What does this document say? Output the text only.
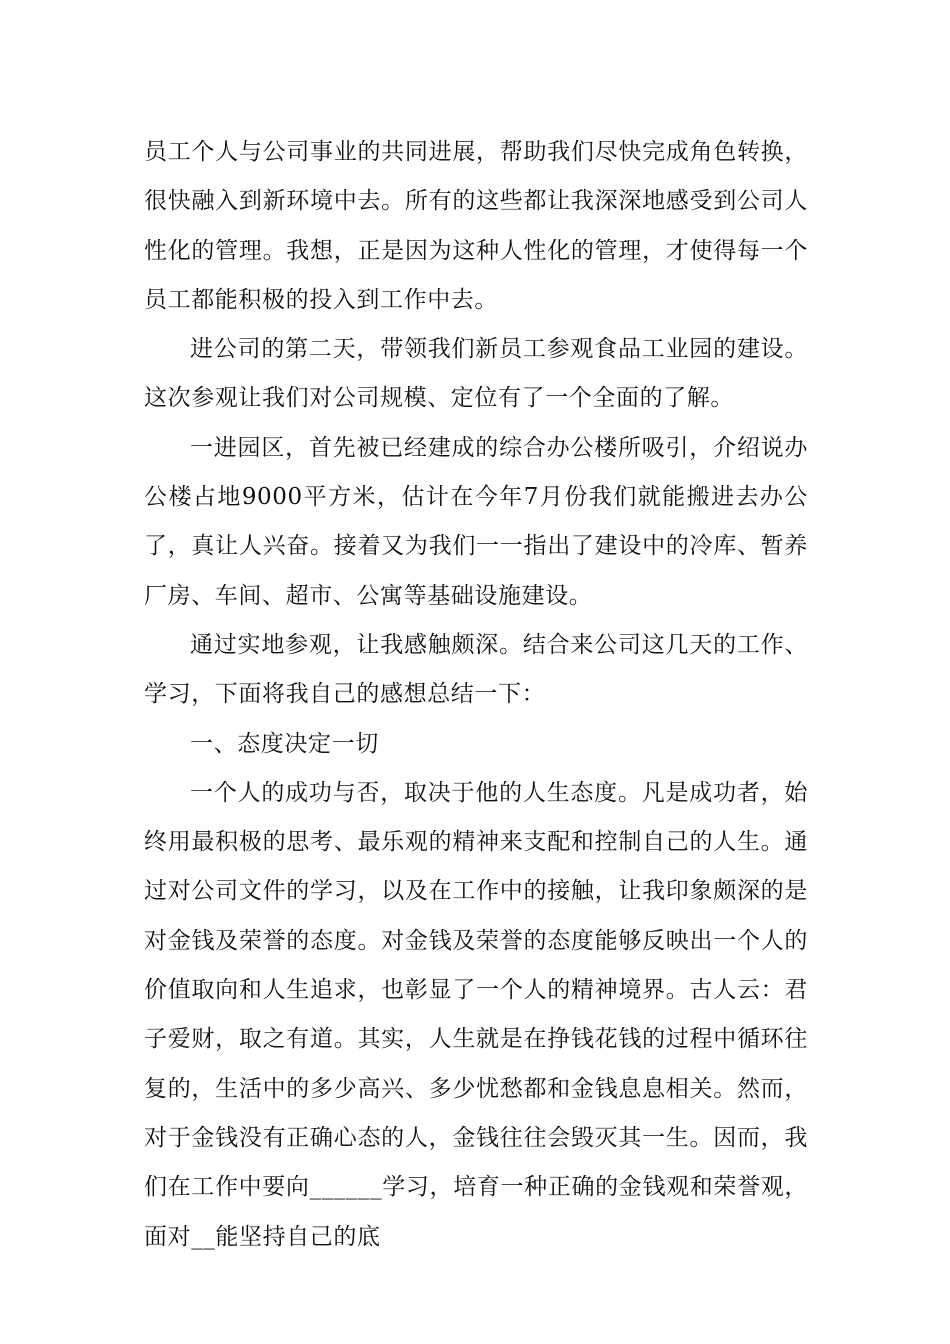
员工个人与公司事业的共同进展，帮助我们尽快完成角色转换，很快融入到新环境中去。所有的这些都让我深深地感受到公司人性化的管理。我想，正是因为这种人性化的管理，才使得每一个员工都能积极的投入到工作中去。

进公司的第二天，带领我们新员工参观食品工业园的建设。这次参观让我们对公司规模、定位有了一个全面的了解。

一进园区，首先被已经建成的综合办公楼所吸引，介绍说办公楼占地9000平方米，估计在今年7月份我们就能搬进去办公了，真让人兴奋。接着又为我们一一指出了建设中的冷库、暂养厂房、车间、超市、公寓等基础设施建设。

通过实地参观，让我感触颇深。结合来公司这几天的工作、学习，下面将我自己的感想总结一下：

一、态度决定一切

一个人的成功与否，取决于他的人生态度。凡是成功者，始终用最积极的思考、最乐观的精神来支配和控制自己的人生。通过对公司文件的学习，以及在工作中的接触，让我印象颇深的是对金钱及荣誉的态度。对金钱及荣誉的态度能够反映出一个人的价值取向和人生追求，也彰显了一个人的精神境界。古人云：君子爱财，取之有道。其实，人生就是在挣钱花钱的过程中循环往复的，生活中的多少高兴、多少忧愁都和金钱息息相关。然而，对于金钱没有正确心态的人，金钱往往会毁灭其一生。因而，我们在工作中要向______学习，培育一种正确的金钱观和荣誉观，面对__能坚持自己的底
